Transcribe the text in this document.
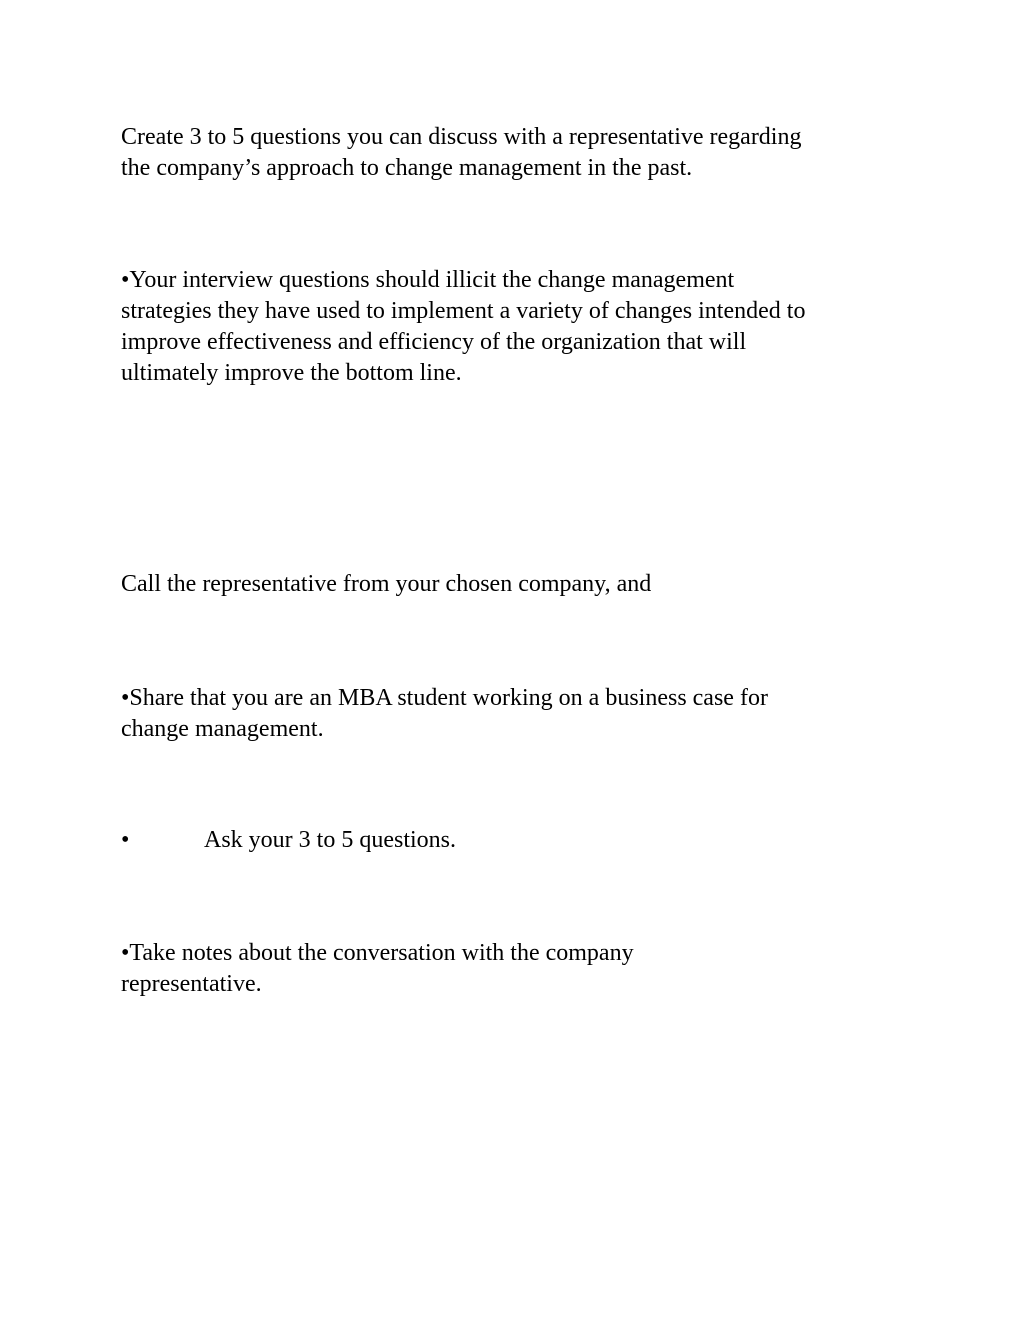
Create 3 to 5 questions you can discuss with a representative regarding
the company’s approach to change management in the past.

•Your interview questions should illicit the change management
strategies they have used to implement a variety of changes intended to
improve effectiveness and efficiency of the organization that will
ultimately improve the bottom line.

Call the representative from your chosen company, and

•Share that you are an MBA student working on a business case for
change management.

•	Ask your 3 to 5 questions.

•Take notes about the conversation with the company
representative.
